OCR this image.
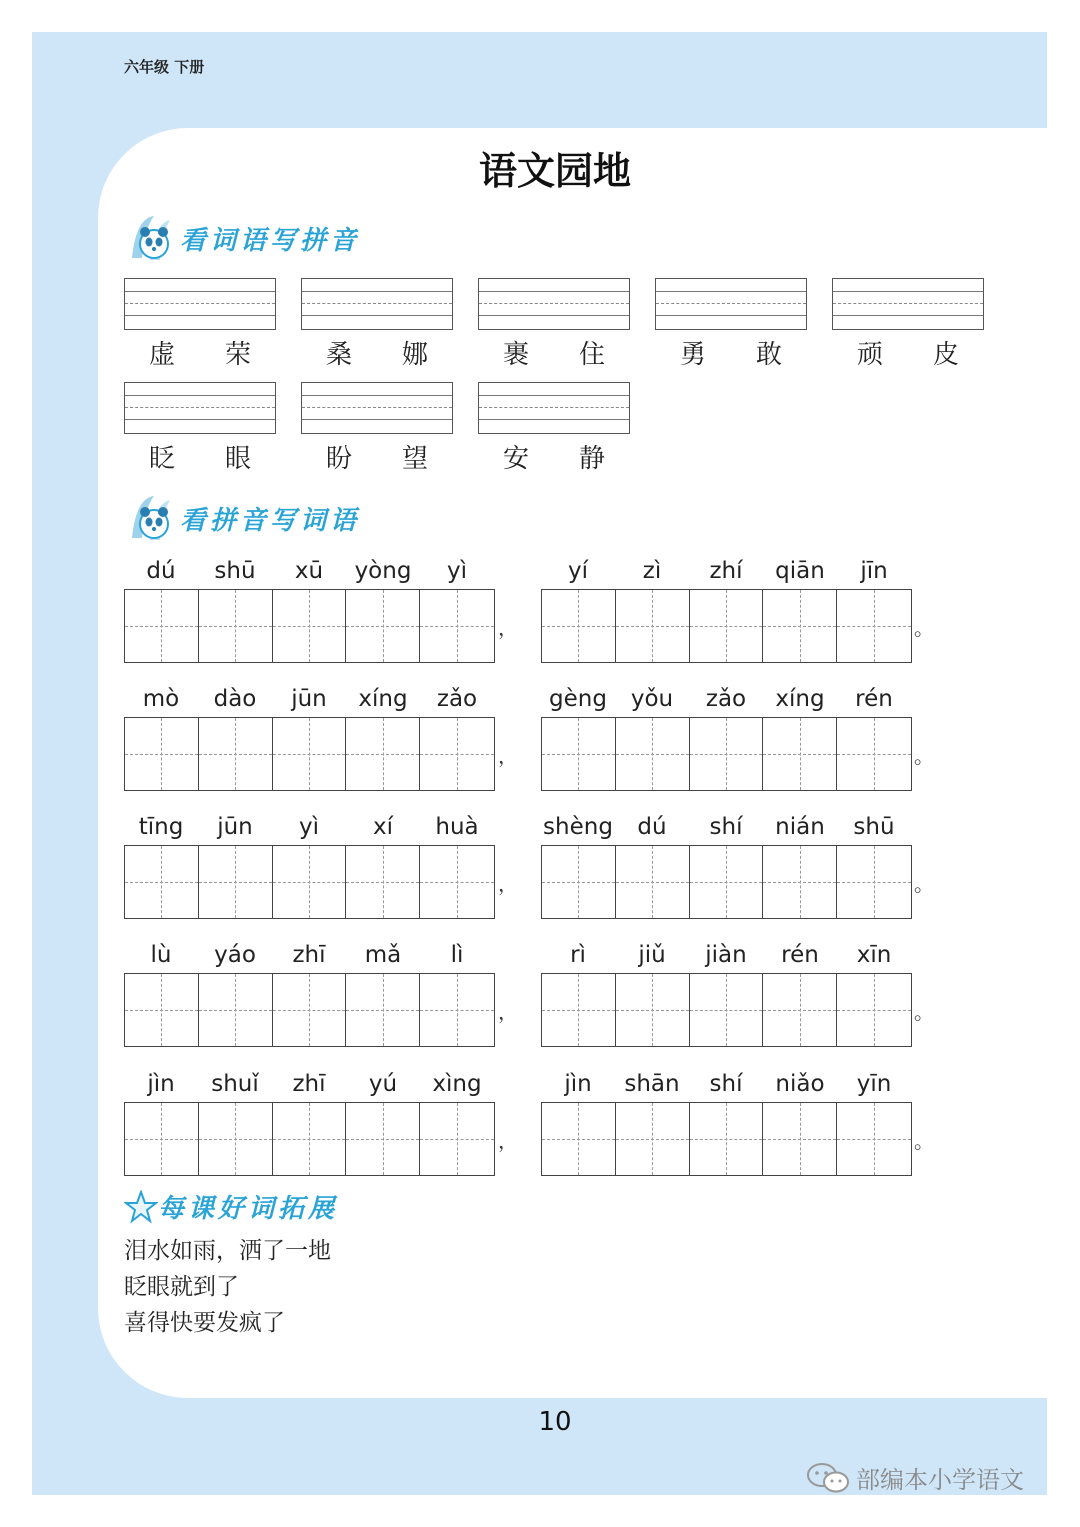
六年级 下册
语文园地
看词语写拼音
虚 荣	桑 娜	裹 住	勇 敢	顽 皮
眨 眼	盼 望	安 静
看拼音写词语
dú	shū	xū	yòng	yì	yí	zì	zhí	qiān	jīn
，	。
mò	dào	jūn	xíng	zǎo	gèng	yǒu	zǎo	xíng	rén
，	。
tīng	jūn	yì	xí	huà	shèng	dú	shí	nián	shū
，	。
lù	yáo	zhī	mǎ	lì	rì	jiǔ	jiàn	rén	xīn
，	。
jìn	shuǐ	zhī	yú	xìng	jìn	shān	shí	niǎo	yīn
，	。
每课好词拓展
泪水如雨，洒了一地
眨眼就到了
喜得快要发疯了
10
部编本小学语文
